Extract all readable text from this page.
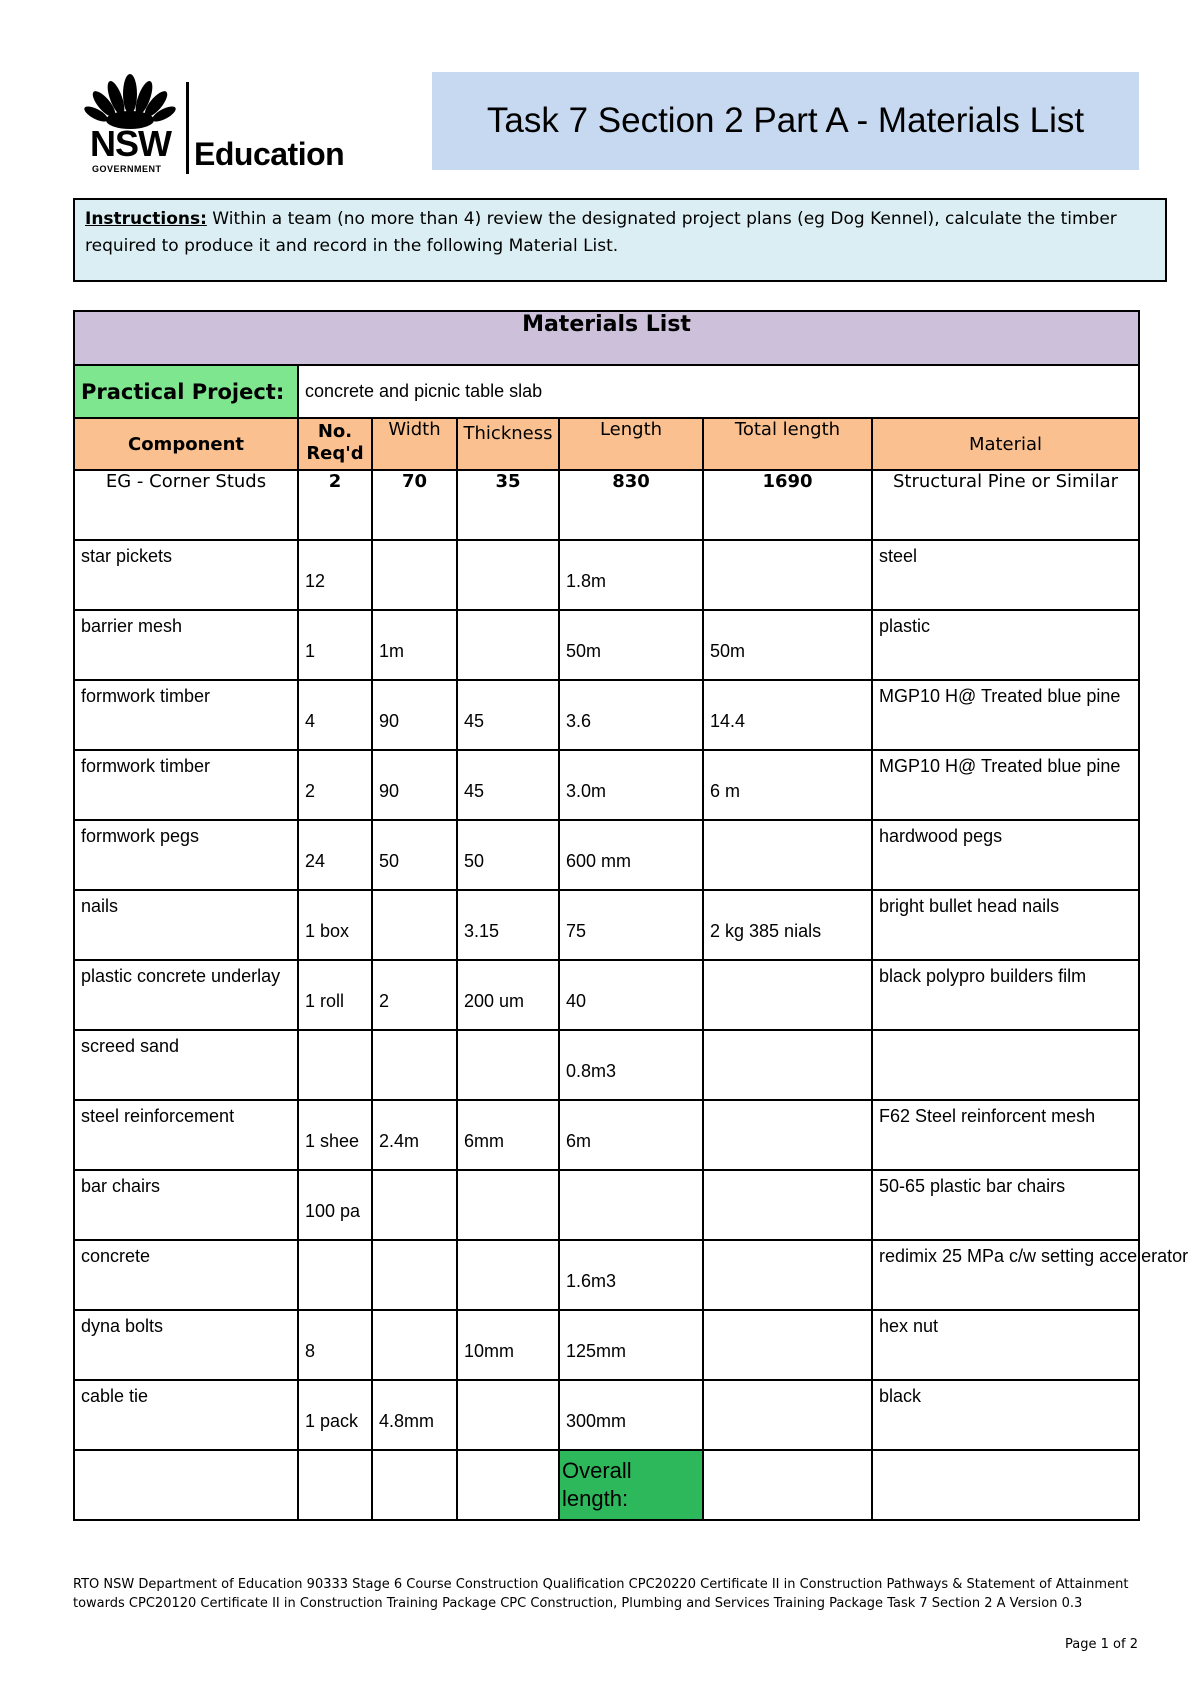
NSW
GOVERNMENT Education
Task 7 Section 2 Part A - Materials List
Instructions: Within a team (no more than 4) review the designated project plans (eg Dog Kennel), calculate the timber required to produce it and record in the following Material List.
Materials List						
Practical Project:	concrete and picnic table slab					
Component	No. Req'd	Width	Thickness	Length	Total length	Material
EG - Corner Studs	2	70	35	830	1690	Structural Pine or Similar
star pickets	12			1.8m		steel
barrier mesh	1	1m		50m	50m	plastic
formwork timber	4	90	45	3.6	14.4	MGP10 H@ Treated blue pine
formwork timber	2	90	45	3.0m	6 m	MGP10 H@ Treated blue pine
formwork pegs	24	50	50	600 mm		hardwood pegs
nails	1 box		3.15	75	2 kg 385 nials	bright bullet head nails
plastic concrete underlay	1 roll	2	200 um	40		black polypro builders film
screed sand				0.8m3		
steel reinforcement	1 shee	2.4m	6mm	6m		F62 Steel reinforcent mesh
bar chairs	100 pa					50-65 plastic bar chairs
concrete				1.6m3		redimix 25 MPa c/w setting accelerator
dyna bolts	8		10mm	125mm		hex nut
cable tie	1 pack	4.8mm		300mm		black
				Overall length:		
RTO NSW Department of Education 90333 Stage 6 Course Construction Qualification CPC20220 Certificate II in Construction Pathways & Statement of Attainment towards CPC20120 Certificate II in Construction Training Package CPC Construction, Plumbing and Services Training Package Task 7 Section 2 A Version 0.3
Page 1 of 2
